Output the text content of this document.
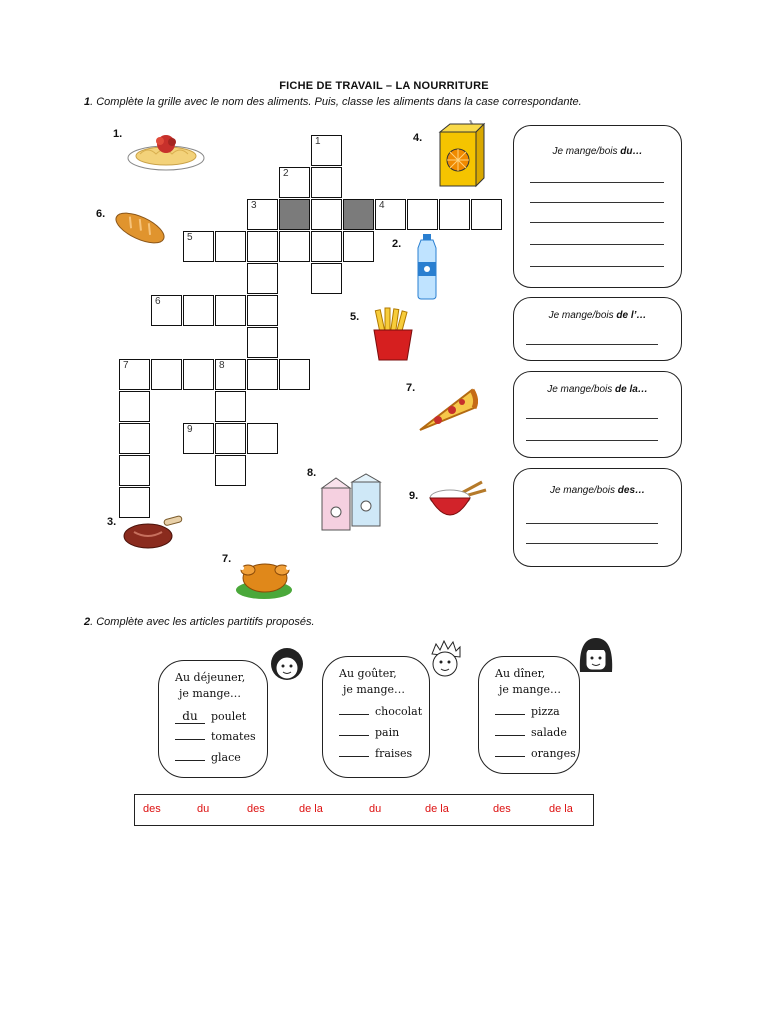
FICHE DE TRAVAIL – LA NOURRITURE
1. Complète la grille avec le nom des aliments. Puis, classe les aliments dans la case correspondante.
1
2
3	4
5
6
7	8
9
1.	4.
6.
2.
5.
7.
8.
9.
3.
7.
Je mange/bois du…
Je mange/bois de l’…
Je mange/bois de la…
Je mange/bois des…
2. Complète avec les articles partitifs proposés.
Au déjeuner,
je mange…
du poulet
tomates
glace
Au goûter,
je mange…
chocolat
pain
fraises
Au dîner,
je mange…
pizza
salade
oranges
des	du	des	de la	du	de la	des	de la
